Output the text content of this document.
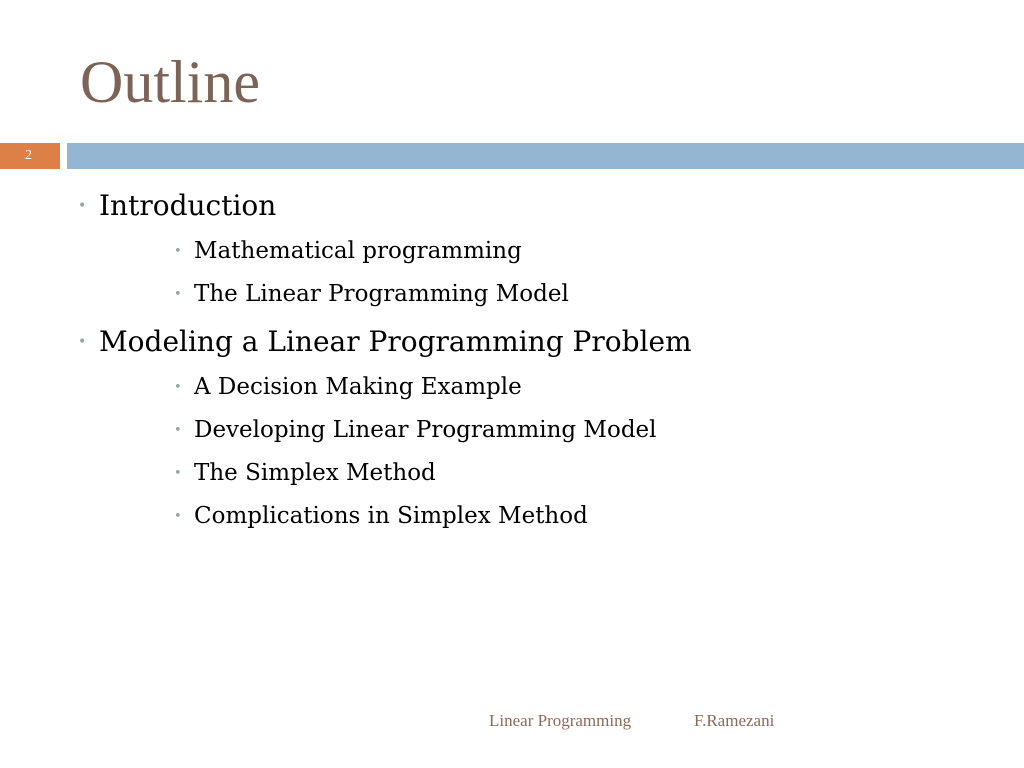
Outline
2
• Introduction
• Mathematical programming
• The Linear Programming Model
• Modeling a Linear Programming Problem
• A Decision Making Example
• Developing Linear Programming Model
• The Simplex Method
• Complications in Simplex Method
Linear Programming	F.Ramezani
